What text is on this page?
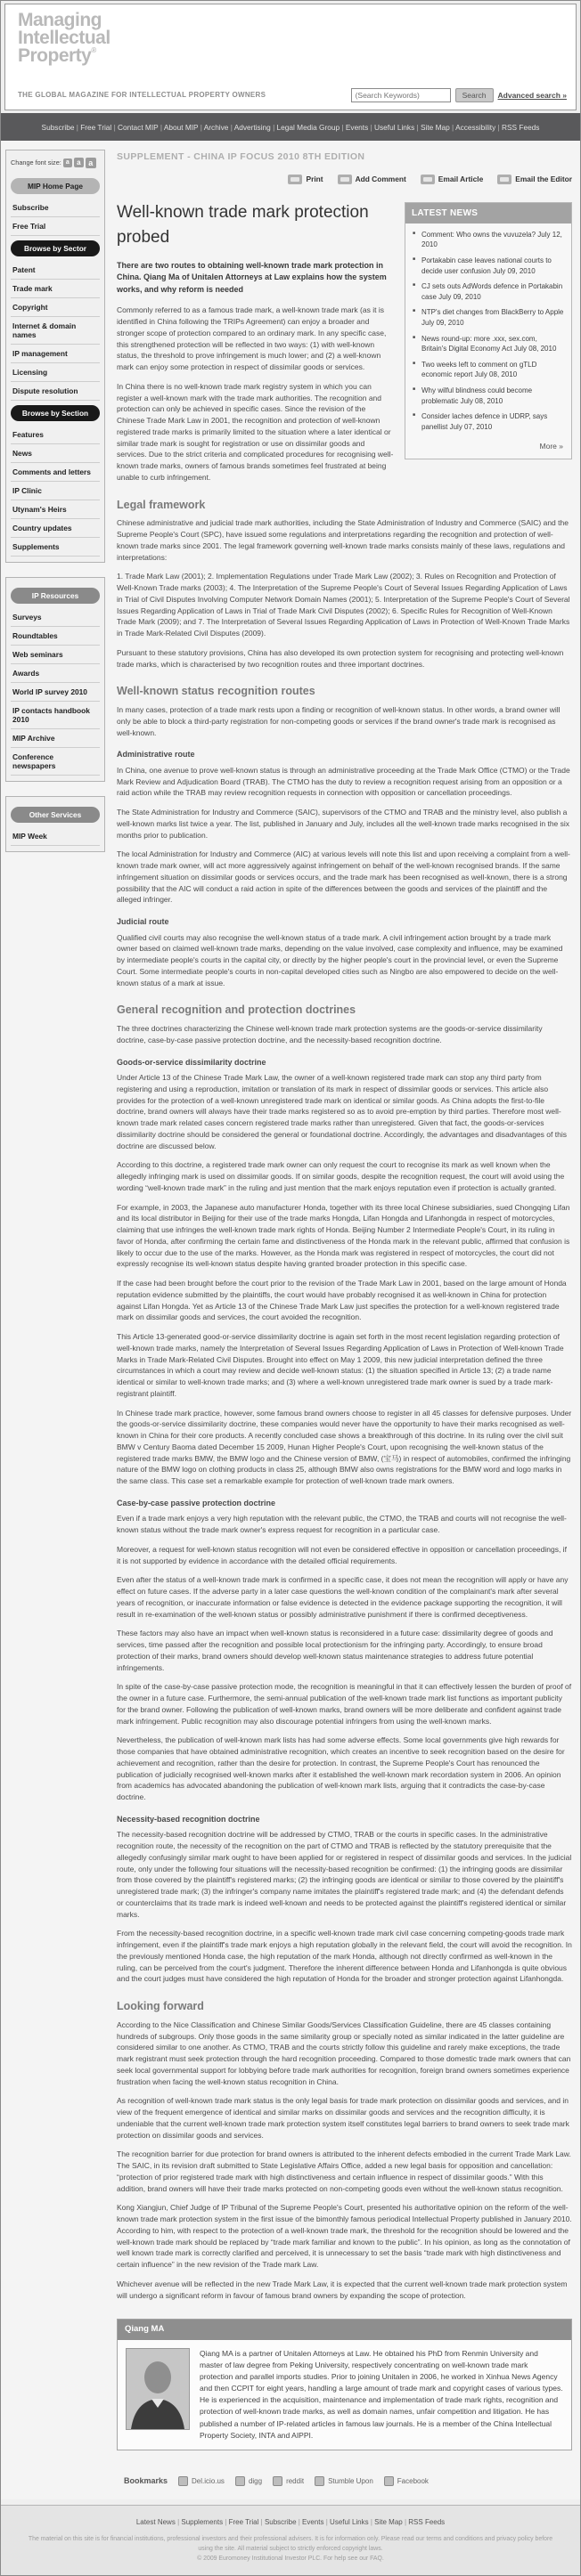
Managing
Intellectual
Property®
THE GLOBAL MAGAZINE FOR INTELLECTUAL PROPERTY OWNERS
(Search Keywords)	Search	Advanced search »
Subscribe | Free Trial | Contact MIP | About MIP | Archive | Advertising | Legal Media Group | Events | Useful Links | Site Map | Accessibility | RSS Feeds
Change font size: a	a a
MIP Home Page
Subscribe
Free Trial
Browse by Sector
Patent
Trade mark
Copyright
Internet & domain names
IP management
Licensing
Dispute resolution
Browse by Section
Features
News
Comments and letters
IP Clinic
Utynam's Heirs
Country updates
Supplements
IP Resources
Surveys
Roundtables
Web seminars
Awards
World IP survey 2010
IP contacts handbook 2010
MIP Archive
Conference newspapers
Other Services
MIP Week
SUPPLEMENT - CHINA IP FOCUS 2010 8TH EDITION
Print	Add Comment	Email Article	Email the Editor
LATEST NEWS
■ Comment: Who owns the vuvuzela? July 12, 2010
■ Portakabin case leaves national courts to decide user confusion July 09, 2010
■ CJ sets outs AdWords defence in Portakabin case July 09, 2010
■ NTP's diet changes from BlackBerry to Apple July 09, 2010
■ News round-up: more .xxx, sex.com, Britain's Digital Economy Act July 08, 2010
■ Two weeks left to comment on gTLD economic report July 08, 2010
■ Why wilful blindness could become problematic July 08, 2010
■ Consider laches defence in UDRP, says panellist July 07, 2010
More »
Well-known trade mark protection probed
There are two routes to obtaining well-known trade mark protection in China. Qiang Ma of Unitalen Attorneys at Law explains how the system works, and why reform is needed
Commonly referred to as a famous trade mark, a well-known trade mark (as it is identified in China following the TRIPs Agreement) can enjoy a broader and stronger scope of protection compared to an ordinary mark. In any specific case, this strengthened protection will be reflected in two ways: (1) with well-known status, the threshold to prove infringement is much lower; and (2) a well-known mark can enjoy some protection in respect of dissimilar goods or services.
In China there is no well-known trade mark registry system in which you can register a well-known mark with the trade mark authorities. The recognition and protection can only be achieved in specific cases. Since the revision of the Chinese Trade Mark Law in 2001, the recognition and protection of well-known registered trade marks is primarily limited to the situation where a later identical or similar trade mark is sought for registration or use on dissimilar goods and services. Due to the strict criteria and complicated procedures for recognising well-known trade marks, owners of famous brands sometimes feel frustrated at being unable to curb infringement.
Legal framework
Chinese administrative and judicial trade mark authorities, including the State Administration of Industry and Commerce (SAIC) and the Supreme People's Court (SPC), have issued some regulations and interpretations regarding the recognition and protection of well-known trade marks since 2001. The legal framework governing well-known trade marks consists mainly of these laws, regulations and interpretations:
1. Trade Mark Law (2001); 2. Implementation Regulations under Trade Mark Law (2002); 3. Rules on Recognition and Protection of Well-Known Trade marks (2003); 4. The Interpretation of the Supreme People's Court of Several Issues Regarding Application of Laws in Trial of Civil Disputes Involving Computer Network Domain Names (2001); 5. Interpretation of the Supreme People's Court of Several Issues Regarding Application of Laws in Trial of Trade Mark Civil Disputes (2002); 6. Specific Rules for Recognition of Well-Known Trade Mark (2009); and 7. The Interpretation of Several Issues Regarding Application of Laws in Protection of Well-Known Trade Marks in Trade Mark-Related Civil Disputes (2009).
Pursuant to these statutory provisions, China has also developed its own protection system for recognising and protecting well-known trade marks, which is characterised by two recognition routes and three important doctrines.
Well-known status recognition routes
In many cases, protection of a trade mark rests upon a finding or recognition of well-known status. In other words, a brand owner will only be able to block a third-party registration for non-competing goods or services if the brand owner's trade mark is recognised as well-known.
Administrative route
In China, one avenue to prove well-known status is through an administrative proceeding at the Trade Mark Office (CTMO) or the Trade Mark Review and Adjudication Board (TRAB). The CTMO has the duty to review a recognition request arising from an opposition or a raid action while the TRAB may review recognition requests in connection with opposition or cancellation proceedings.
The State Administration for Industry and Commerce (SAIC), supervisors of the CTMO and TRAB and the ministry level, also publish a well-known marks list twice a year. The list, published in January and July, includes all the well-known trade marks recognised in the six months prior to publication.
The local Administration for Industry and Commerce (AIC) at various levels will note this list and upon receiving a complaint from a well-known trade mark owner, will act more aggressively against infringement on behalf of the well-known recognised brands. If the same infringement situation on dissimilar goods or services occurs, and the trade mark has been recognised as well-known, there is a strong possibility that the AIC will conduct a raid action in spite of the differences between the goods and services of the plaintiff and the alleged infringer.
Judicial route
Qualified civil courts may also recognise the well-known status of a trade mark. A civil infringement action brought by a trade mark owner based on claimed well-known trade marks, depending on the value involved, case complexity and influence, may be examined by intermediate people's courts in the capital city, or directly by the higher people's court in the provincial level, or even the Supreme Court. Some intermediate people's courts in non-capital developed cities such as Ningbo are also empowered to decide on the well-known status of a mark at issue.
General recognition and protection doctrines
The three doctrines characterizing the Chinese well-known trade mark protection systems are the goods-or-service dissimilarity doctrine, case-by-case passive protection doctrine, and the necessity-based recognition doctrine.
Goods-or-service dissimilarity doctrine
Under Article 13 of the Chinese Trade Mark Law, the owner of a well-known registered trade mark can stop any third party from registering and using a reproduction, imitation or translation of its mark in respect of dissimilar goods or services. This article also provides for the protection of a well-known unregistered trade mark on identical or similar goods. As China adopts the first-to-file doctrine, brand owners will always have their trade marks registered so as to avoid pre-emption by third parties. Therefore most well-known trade mark related cases concern registered trade marks rather than unregistered. Given that fact, the goods-or-services dissimilarity doctrine should be considered the general or foundational doctrine. Accordingly, the advantages and disadvantages of this doctrine are discussed below.
According to this doctrine, a registered trade mark owner can only request the court to recognise its mark as well known when the allegedly infringing mark is used on dissimilar goods. If on similar goods, despite the recognition request, the court will avoid using the wording “well-known trade mark” in the ruling and just mention that the mark enjoys reputation even if protection is actually granted.
For example, in 2003, the Japanese auto manufacturer Honda, together with its three local Chinese subsidiaries, sued Chongqing Lifan and its local distributor in Beijing for their use of the trade marks Hongda, Lifan Hongda and Lifanhongda in respect of motorcycles, claiming that use infringes the well-known trade mark rights of Honda. Beijing Number 2 Intermediate People's Court, in its ruling in favor of Honda, after confirming the certain fame and distinctiveness of the Honda mark in the relevant public, affirmed that confusion is likely to occur due to the use of the marks. However, as the Honda mark was registered in respect of motorcycles, the court did not expressly recognise its well-known status despite having granted broader protection in this specific case.
If the case had been brought before the court prior to the revision of the Trade Mark Law in 2001, based on the large amount of Honda reputation evidence submitted by the plaintiffs, the court would have probably recognised it as well-known in China for protection against Lifan Hongda. Yet as Article 13 of the Chinese Trade Mark Law just specifies the protection for a well-known registered trade mark on dissimilar goods and services, the court avoided the recognition.
This Article 13-generated good-or-service dissimilarity doctrine is again set forth in the most recent legislation regarding protection of well-known trade marks, namely the Interpretation of Several Issues Regarding Application of Laws in Protection of Well-known Trade Marks in Trade Mark-Related Civil Disputes. Brought into effect on May 1 2009, this new judicial interpretation defined the three circumstances in which a court may review and decide well-known status: (1) the situation specified in Article 13; (2) a trade name identical or similar to well-known trade marks; and (3) where a well-known unregistered trade mark owner is sued by a trade mark-registrant plaintiff.
In Chinese trade mark practice, however, some famous brand owners choose to register in all 45 classes for defensive purposes. Under the goods-or-service dissimilarity doctrine, these companies would never have the opportunity to have their marks recognised as well-known in China for their core products. A recently concluded case shows a breakthrough of this doctrine. In its ruling over the civil suit BMW v Century Baoma dated December 15 2009, Hunan Higher People's Court, upon recognising the well-known status of the registered trade marks BMW, the BMW logo and the Chinese version of BMW, (宝马) in respect of automobiles, confirmed the infringing nature of the BMW logo on clothing products in class 25, although BMW also owns registrations for the BMW word and logo marks in the same class. This case set a remarkable example for protection of well-known trade mark owners.
Case-by-case passive protection doctrine
Even if a trade mark enjoys a very high reputation with the relevant public, the CTMO, the TRAB and courts will not recognise the well-known status without the trade mark owner's express request for recognition in a particular case.
Moreover, a request for well-known status recognition will not even be considered effective in opposition or cancellation proceedings, if it is not supported by evidence in accordance with the detailed official requirements.
Even after the status of a well-known trade mark is confirmed in a specific case, it does not mean the recognition will apply or have any effect on future cases. If the adverse party in a later case questions the well-known condition of the complainant's mark after several years of recognition, or inaccurate information or false evidence is detected in the evidence package supporting the recognition, it will result in re-examination of the well-known status or possibly administrative punishment if there is confirmed deceptiveness.
These factors may also have an impact when well-known status is reconsidered in a future case: dissimilarity degree of goods and services, time passed after the recognition and possible local protectionism for the infringing party. Accordingly, to ensure broad protection of their marks, brand owners should develop well-known status maintenance strategies to address future potential infringements.
In spite of the case-by-case passive protection mode, the recognition is meaningful in that it can effectively lessen the burden of proof of the owner in a future case. Furthermore, the semi-annual publication of the well-known trade mark list functions as important publicity for the brand owner. Following the publication of well-known marks, brand owners will be more deliberate and confident against trade mark infringement. Public recognition may also discourage potential infringers from using the well-known marks.
Nevertheless, the publication of well-known mark lists has had some adverse effects. Some local governments give high rewards for those companies that have obtained administrative recognition, which creates an incentive to seek recognition based on the desire for achievement and recognition, rather than the desire for protection. In contrast, the Supreme People's Court has renounced the publication of judicially recognised well-known marks after it established the well-known mark recordation system in 2006. An opinion from academics has advocated abandoning the publication of well-known mark lists, arguing that it contradicts the case-by-case doctrine.
Necessity-based recognition doctrine
The necessity-based recognition doctrine will be addressed by CTMO, TRAB or the courts in specific cases. In the administrative recognition route, the necessity of the recognition on the part of CTMO and TRAB is reflected by the statutory prerequisite that the allegedly confusingly similar mark ought to have been applied for or registered in respect of dissimilar goods and services. In the judicial route, only under the following four situations will the necessity-based recognition be confirmed: (1) the infringing goods are dissimilar from those covered by the plaintiff's registered marks; (2) the infringing goods are identical or similar to those covered by the plaintiff's unregistered trade mark; (3) the infringer's company name imitates the plaintiff's registered trade mark; and (4) the defendant defends or counterclaims that its trade mark is indeed well-known and needs to be protected against the plaintiff's registered identical or similar marks.
From the necessity-based recognition doctrine, in a specific well-known trade mark civil case concerning competing-goods trade mark infringement, even if the plaintiff's trade mark enjoys a high reputation globally in the relevant field, the court will avoid the recognition. In the previously mentioned Honda case, the high reputation of the mark Honda, although not directly confirmed as well-known in the ruling, can be perceived from the court's judgment. Therefore the inherent difference between Honda and Lifanhongda is quite obvious and the court judges must have considered the high reputation of Honda for the broader and stronger protection against Lifanhongda.
Looking forward
According to the Nice Classification and Chinese Similar Goods/Services Classification Guideline, there are 45 classes containing hundreds of subgroups. Only those goods in the same similarity group or specially noted as similar indicated in the latter guideline are considered similar to one another. As CTMO, TRAB and the courts strictly follow this guideline and rarely make exceptions, the trade mark registrant must seek protection through the hard recognition proceeding. Compared to those domestic trade mark owners that can seek local governmental support for lobbying before trade mark authorities for recognition, foreign brand owners sometimes experience frustration when facing the well-known status recognition in China.
As recognition of well-known trade mark status is the only legal basis for trade mark protection on dissimilar goods and services, and in view of the frequent emergence of identical and similar marks on dissimilar goods and services and the recognition difficulty, it is undeniable that the current well-known trade mark protection system itself constitutes legal barriers to brand owners to seek trade mark protection on dissimilar goods and services.
The recognition barrier for due protection for brand owners is attributed to the inherent defects embodied in the current Trade Mark Law. The SAIC, in its revision draft submitted to State Legislative Affairs Office, added a new legal basis for opposition and cancellation: “protection of prior registered trade mark with high distinctiveness and certain influence in respect of dissimilar goods.” With this addition, brand owners will have their trade marks protected on non-competing goods even without the well-known status recognition.
Kong Xiangjun, Chief Judge of IP Tribunal of the Supreme People's Court, presented his authoritative opinion on the reform of the well-known trade mark protection system in the first issue of the bimonthly famous periodical Intellectual Property published in January 2010. According to him, with respect to the protection of a well-known trade mark, the threshold for the recognition should be lowered and the well-known trade mark should be replaced by “trade mark familiar and known to the public”. In his opinion, as long as the connotation of well known trade mark is correctly clarified and perceived, it is unnecessary to set the basis “trade mark with high distinctiveness and certain influence” in the new revision of the Trade mark Law.
Whichever avenue will be reflected in the new Trade Mark Law, it is expected that the current well-known trade mark protection system will undergo a significant reform in favour of famous brand owners by expanding the scope of protection.
Qiang MA
Qiang MA is a partner of Unitalen Attorneys at Law. He obtained his PhD from Renmin University and master of law degree from Peking University, respectively concentrating on well-known trade mark protection and parallel imports studies. Prior to joining Unitalen in 2006, he worked in Xinhua News Agency and then CCPIT for eight years, handling a large amount of trade mark and copyright cases of various types. He is experienced in the acquisition, maintenance and implementation of trade mark rights, recognition and protection of well-known trade marks, as well as domain names, unfair competition and litigation. He has published a number of IP-related articles in famous law journals. He is a member of the China Intellectual Property Society, INTA and AIPPI.
Bookmarks	Del.icio.us	digg	reddit	Stumble Upon	Facebook
Latest News | Supplements | Free Trial | Subscribe | Events | Useful Links | Site Map | RSS Feeds
The material on this site is for financial institutions, professional investors and their professional advisers. It is for information only. Please read our terms and conditions and privacy policy before using the site. All material subject to strictly enforced copyright laws.
© 2009 Euromoney Institutional Investor PLC. For help see our FAQ.
